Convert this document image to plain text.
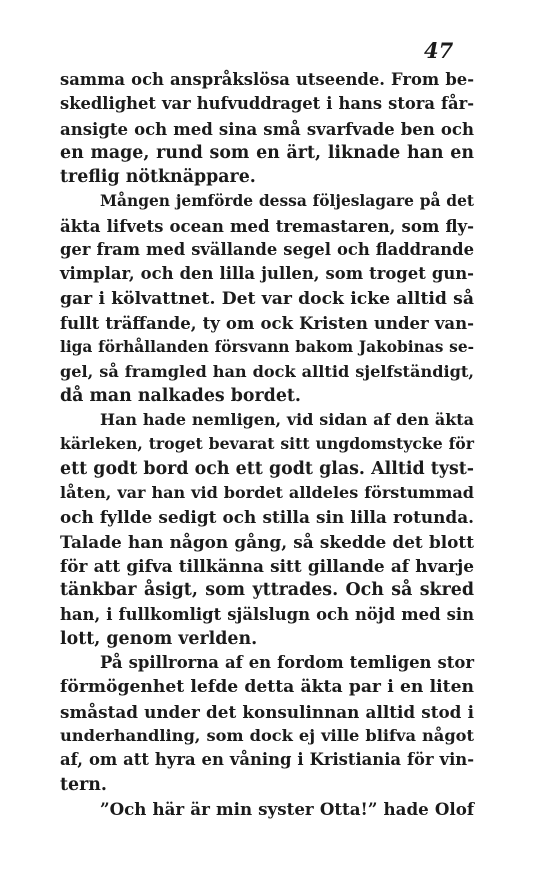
47
samma och anspråkslösa utseende. From be-
skedlighet var hufvuddraget i hans stora får-
ansigte och med sina små svarfvade ben och
en mage, rund som en ärt, liknade han en
treflig nötknäppare.
Mången jemförde dessa följeslagare på det
äkta lifvets ocean med tremastaren, som fly-
ger fram med svällande segel och fladdrande
vimplar, och den lilla jullen, som troget gun-
gar i kölvattnet. Det var dock icke alltid så
fullt träffande, ty om ock Kristen under van-
liga förhållanden försvann bakom Jakobinas se-
gel, så framgled han dock alltid sjelfständigt,
då man nalkades bordet.
Han hade nemligen, vid sidan af den äkta
kärleken, troget bevarat sitt ungdomstycke för
ett godt bord och ett godt glas. Alltid tyst-
låten, var han vid bordet alldeles förstummad
och fyllde sedigt och stilla sin lilla rotunda.
Talade han någon gång, så skedde det blott
för att gifva tillkänna sitt gillande af hvarje
tänkbar åsigt, som yttrades. Och så skred
han, i fullkomligt själslugn och nöjd med sin
lott, genom verlden.
På spillrorna af en fordom temligen stor
förmögenhet lefde detta äkta par i en liten
småstad under det konsulinnan alltid stod i
underhandling, som dock ej ville blifva något
af, om att hyra en våning i Kristiania för vin-
tern.
”Och här är min syster Otta!” hade Olof
